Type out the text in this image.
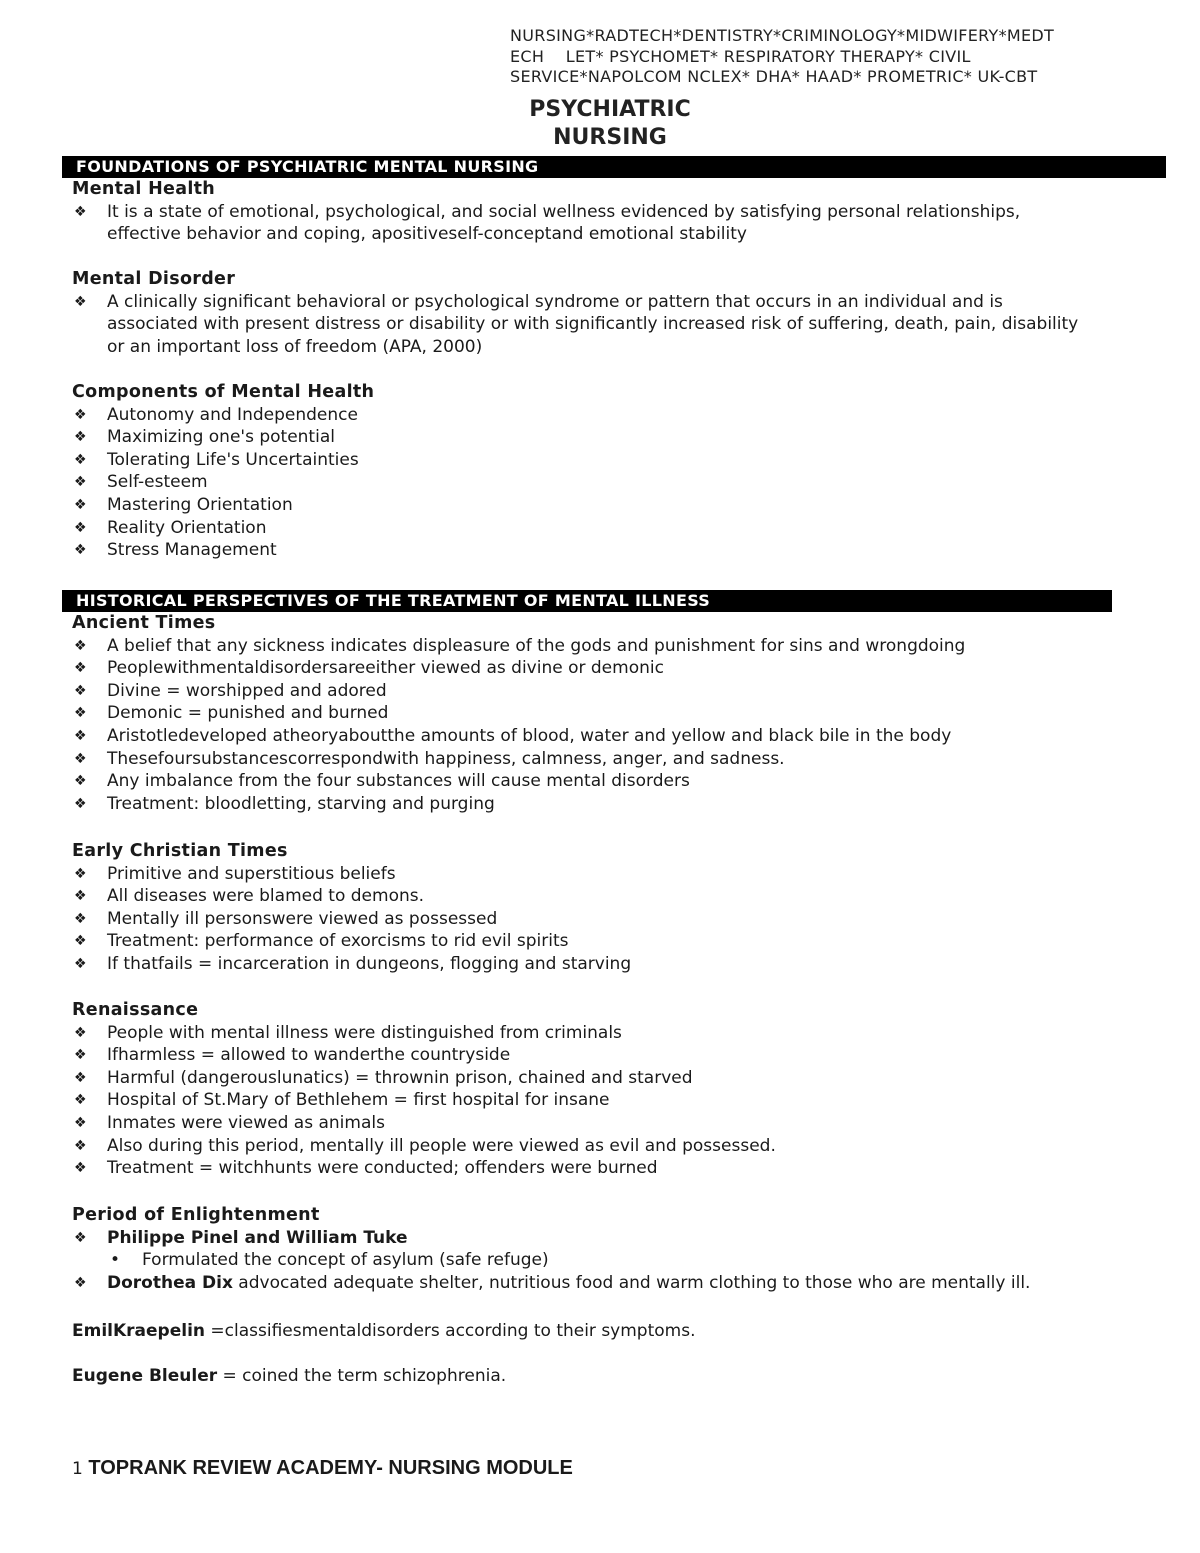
NURSING*RADTECH*DENTISTRY*CRIMINOLOGY*MIDWIFERY*MEDT
ECH    LET* PSYCHOMET* RESPIRATORY THERAPY* CIVIL
SERVICE*NAPOLCOM NCLEX* DHA* HAAD* PROMETRIC* UK-CBT
PSYCHIATRIC
NURSING
FOUNDATIONS OF PSYCHIATRIC MENTAL NURSING
Mental Health
❖ It is a state of emotional, psychological, and social wellness evidenced by satisfying personal relationships, effective behavior and coping, apositiveself-conceptand emotional stability
Mental Disorder
❖ A clinically significant behavioral or psychological syndrome or pattern that occurs in an individual and is associated with present distress or disability or with significantly increased risk of suffering, death, pain, disability or an important loss of freedom (APA, 2000)
Components of Mental Health
❖ Autonomy and Independence
❖ Maximizing one's potential
❖ Tolerating Life's Uncertainties
❖ Self-esteem
❖ Mastering Orientation
❖ Reality Orientation
❖ Stress Management
HISTORICAL PERSPECTIVES OF THE TREATMENT OF MENTAL ILLNESS
Ancient Times
❖ A belief that any sickness indicates displeasure of the gods and punishment for sins and wrongdoing
❖ Peoplewithmentaldisordersareeither viewed as divine or demonic
❖ Divine = worshipped and adored
❖ Demonic = punished and burned
❖ Aristotledeveloped atheoryaboutthe amounts of blood, water and yellow and black bile in the body
❖ Thesefoursubstancescorrespondwith happiness, calmness, anger, and sadness.
❖ Any imbalance from the four substances will cause mental disorders
❖ Treatment: bloodletting, starving and purging
Early Christian Times
❖ Primitive and superstitious beliefs
❖ All diseases were blamed to demons.
❖ Mentally ill personswere viewed as possessed
❖ Treatment: performance of exorcisms to rid evil spirits
❖ If thatfails = incarceration in dungeons, flogging and starving
Renaissance
❖ People with mental illness were distinguished from criminals
❖ Ifharmless = allowed to wanderthe countryside
❖ Harmful (dangerouslunatics) = thrownin prison, chained and starved
❖ Hospital of St.Mary of Bethlehem = first hospital for insane
❖ Inmates were viewed as animals
❖ Also during this period, mentally ill people were viewed as evil and possessed.
❖ Treatment = witchhunts were conducted; offenders were burned
Period of Enlightenment
❖ Philippe Pinel and William Tuke
• Formulated the concept of asylum (safe refuge)
❖ Dorothea Dix advocated adequate shelter, nutritious food and warm clothing to those who are mentally ill.
EmilKraepelin =classifiesmentaldisorders according to their symptoms.
Eugene Bleuler = coined the term schizophrenia.
1 TOPRANK REVIEW ACADEMY- NURSING MODULE
